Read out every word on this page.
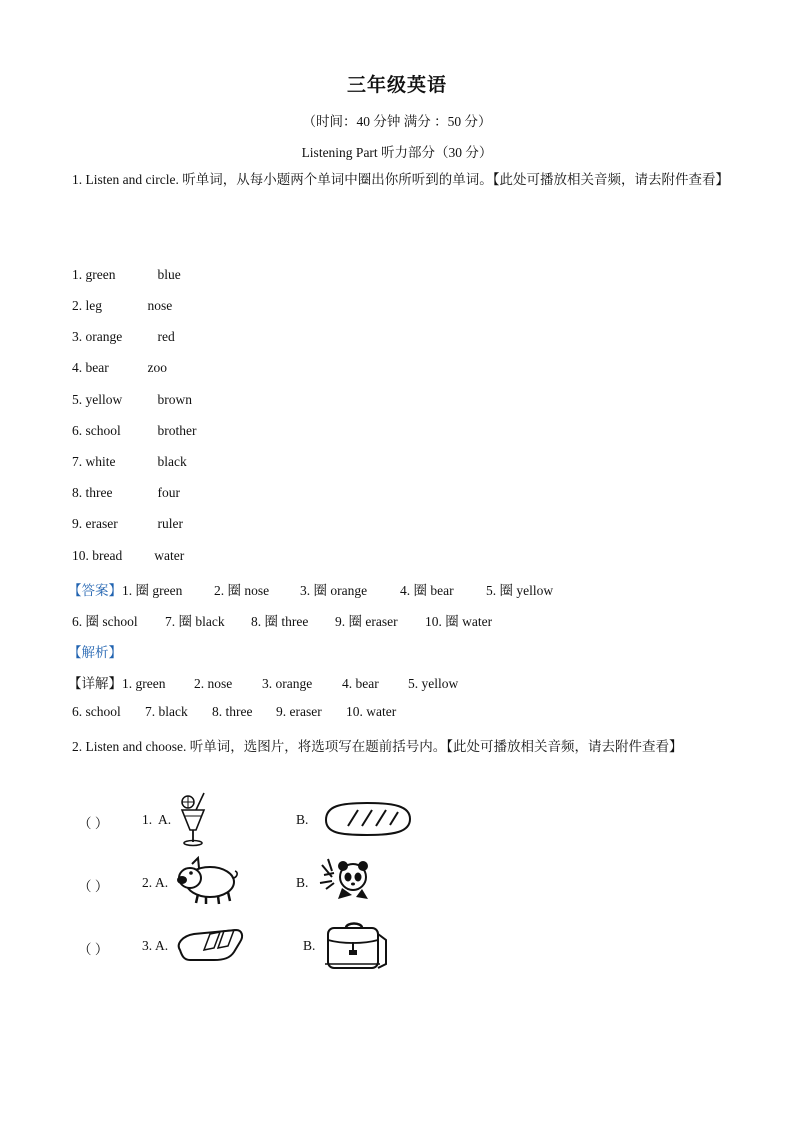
三年级英语
（时间：40 分钟 满分 ：50 分）
Listening Part 听力部分（30 分）
1. Listen and circle. 听单词，从每小题两个单词中圈出你所听到的单词。【此处可播放相关音频，请去附件查看】
1. green	blue
2. leg	nose
3. orange	red
4. bear	zoo
5. yellow	brown
6. school	brother
7. white	black
8. three	four
9. eraser	ruler
10. bread water
【答案】1. 圈 green 2. 圈 nose 3. 圈 orange 4. 圈 bear 5. 圈 yellow
6. 圈 school 7. 圈 black 8. 圈 three 9. 圈 eraser 10. 圈 water
【解析】
【详解】1. green 2. nose 3. orange 4. bear 5. yellow
6. school 7. black 8. three 9. eraser 10. water
2. Listen and choose. 听单词，选图片，将选项写在题前括号内。【此处可播放相关音频，请去附件查看】
（ ） 1. A.	B.
（ ） 2. A.	B.
（ ） 3. A.	B.
